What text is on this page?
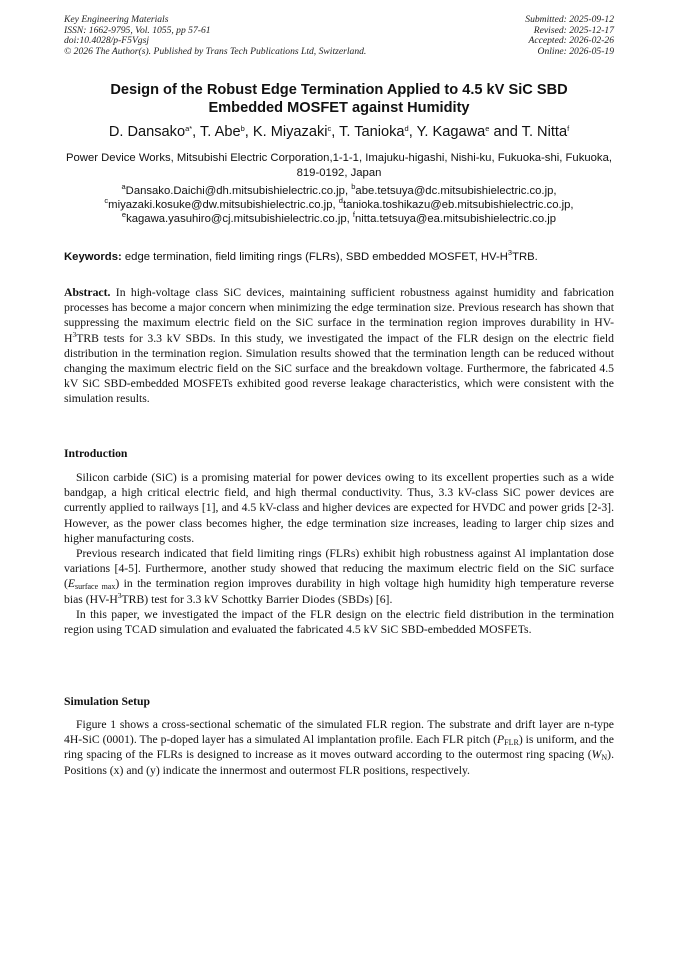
Key Engineering Materials
ISSN: 1662-9795, Vol. 1055, pp 57-61
doi:10.4028/p-F5Vgsj
© 2026 The Author(s). Published by Trans Tech Publications Ltd, Switzerland.
Submitted: 2025-09-12
Revised: 2025-12-17
Accepted: 2026-02-26
Online: 2026-05-19
Design of the Robust Edge Termination Applied to 4.5 kV SiC SBD
Embedded MOSFET against Humidity
D. Dansako$^{a*}$, T. Abe$^b$, K. Miyazaki$^c$, T. Tanioka$^d$, Y. Kagawa$^e$ and T. Nitta$^f$
Power Device Works, Mitsubishi Electric Corporation,1-1-1, Imajuku-higashi, Nishi-ku, Fukuoka-shi, Fukuoka, 819-0192, Japan
$^a$Dansako.Daichi@dh.mitsubishielectric.co.jp, $^b$abe.tetsuya@dc.mitsubishielectric.co.jp,
$^c$miyazaki.kosuke@dw.mitsubishielectric.co.jp, $^d$tanioka.toshikazu@eb.mitsubishielectric.co.jp,
$^e$kagawa.yasuhiro@cj.mitsubishielectric.co.jp, $^f$nitta.tetsuya@ea.mitsubishielectric.co.jp
Keywords: edge termination, field limiting rings (FLRs), SBD embedded MOSFET, $HV-H^3TRB$.

Abstract. In high-voltage class SiC devices, maintaining sufficient robustness against humidity and fabrication processes has become a major concern when minimizing the edge termination size. Previous research has shown that suppressing the maximum electric field on the SiC surface in the termination region improves durability in $HV-H^3TRB$ tests for 3.3 kV SBDs. In this study, we investigated the impact of the FLR design on the electric field distribution in the termination region. Simulation results showed that the termination length can be reduced without changing the maximum electric field on the SiC surface and the breakdown voltage. Furthermore, the fabricated 4.5 kV SiC SBD-embedded MOSFETs exhibited good reverse leakage characteristics, which were consistent with the simulation results.

Introduction

Silicon carbide (SiC) is a promising material for power devices owing to its excellent properties such as a wide bandgap, a high critical electric field, and high thermal conductivity. Thus, 3.3 kV-class SiC power devices are currently applied to railways [1], and 4.5 kV-class and higher devices are expected for HVDC and power grids [2-3]. However, as the power class becomes higher, the edge termination size increases, leading to larger chip sizes and higher manufacturing costs.

Previous research indicated that field limiting rings (FLRs) exhibit high robustness against Al implantation dose variations [4-5]. Furthermore, another study showed that reducing the maximum electric field on the SiC surface $(E_{surface max})$ in the termination region improves durability in high voltage high humidity high temperature reverse bias $(HV-H^3TRB)$ test for 3.3 kV Schottky Barrier Diodes (SBDs) [6].

In this paper, we investigated the impact of the FLR design on the electric field distribution in the termination region using TCAD simulation and evaluated the fabricated 4.5 kV SiC SBD-embedded MOSFETs.

Simulation Setup

Figure 1 shows a cross-sectional schematic of the simulated FLR region. The substrate and drift layer are n-type 4H-SiC (0001). The p-doped layer has a simulated Al implantation profile. Each FLR pitch $(P_{FLR})$ is uniform, and the ring spacing of the FLRs is designed to increase as it moves outward according to the outermost ring spacing $(W_N)$. Positions (x) and (y) indicate the innermost and outermost FLR positions, respectively.
